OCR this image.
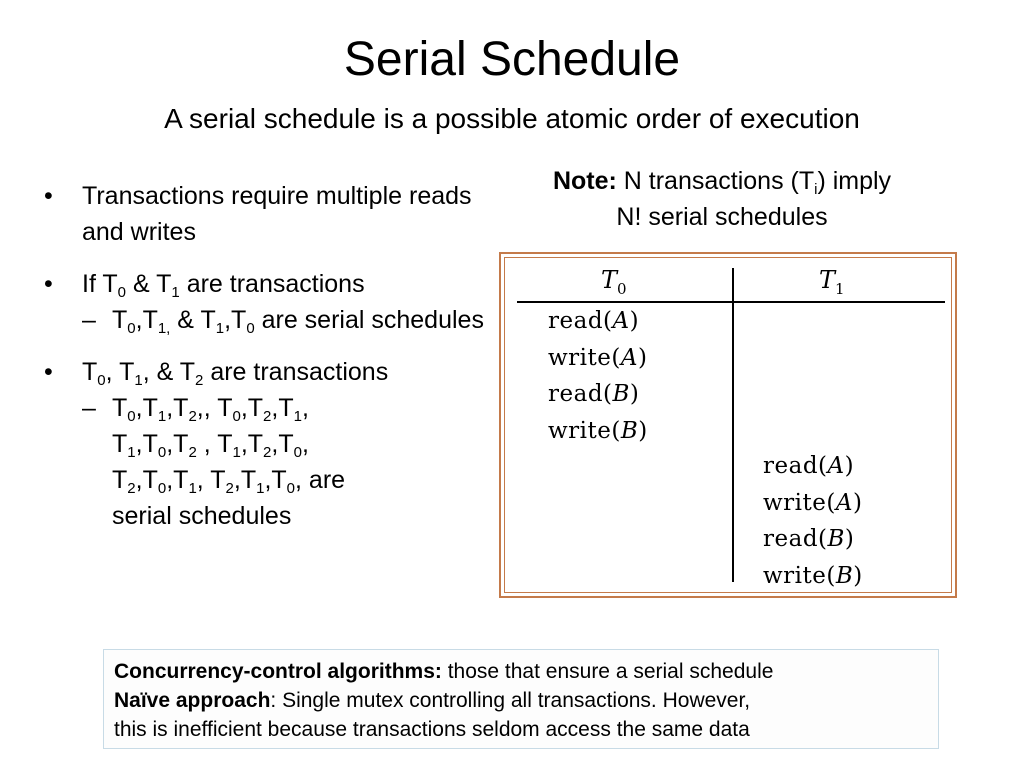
Serial Schedule
A serial schedule is a possible atomic order of execution
• Transactions require multiple reads and writes
• If $T_0$ & $T_1$ are transactions
– $T_0,T_{1,}$ & $T_1,T_0$ are serial schedules
• $T_0$, $T_1$, & $T_2$ are transactions
– $T_0,T_1,T_2$,, $T_0,T_2,T_1$,
$T_1,T_0,T_2$ , $T_1,T_2,T_0$,
$T_2,T_0,T_1$, $T_2,T_1,T_0$, are
serial schedules
Note: N transactions $(T_i)$ imply
N! serial schedules
$T_0$	$T_1$
read(A)
write(A)
read(B)
write(B)
read(A)
write(A)
read(B)
write(B)
Concurrency-control algorithms: those that ensure a serial schedule
Naïve approach: Single mutex controlling all transactions. However,
this is inefficient because transactions seldom access the same data
